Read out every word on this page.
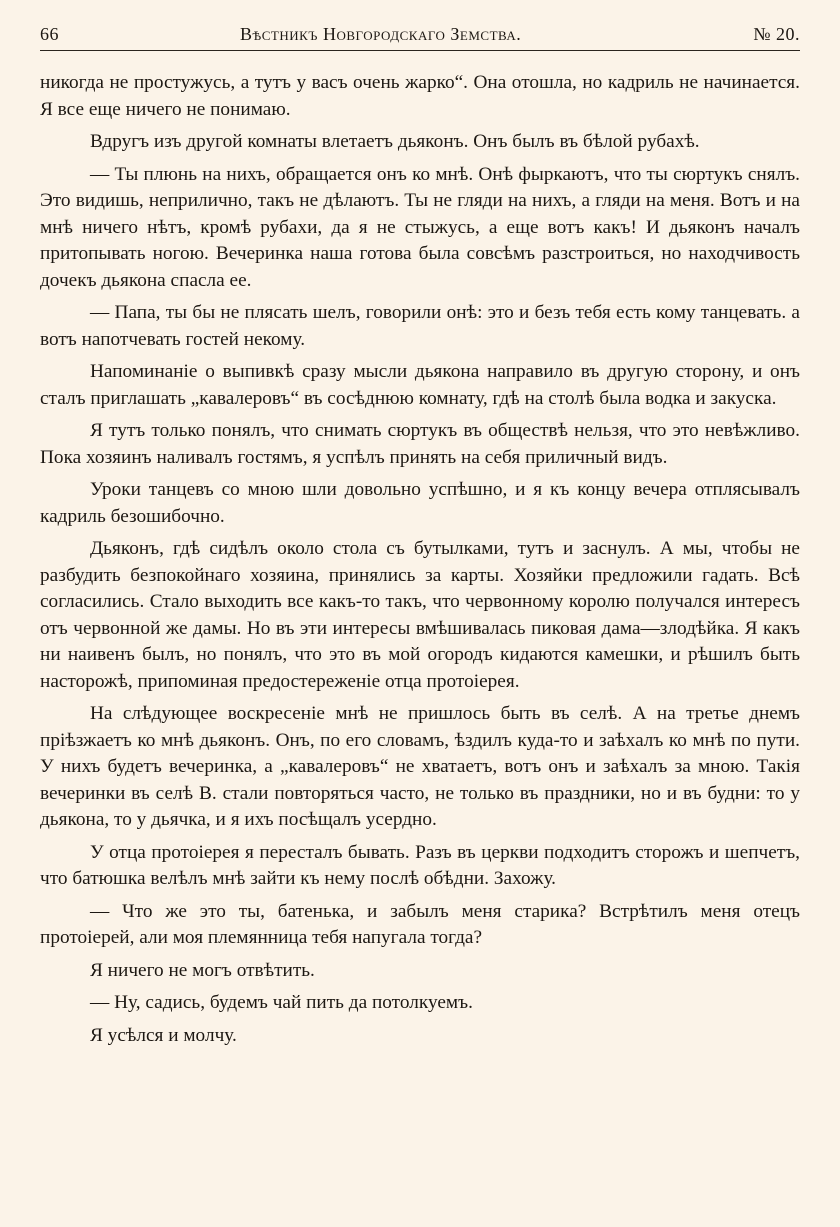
66	Вѣстникъ Новгородскаго Земства.	№ 20.

никогда не простужусь, а тутъ у васъ очень жарко“. Она отошла, но кадриль не начинается. Я все еще ничего не понимаю.

Вдругъ изъ другой комнаты влетаетъ дьяконъ. Онъ былъ въ бѣлой рубахѣ.

— Ты плюнь на нихъ, обращается онъ ко мнѣ. Онѣ фыркаютъ, что ты сюртукъ снялъ. Это видишь, неприлично, такъ не дѣлаютъ. Ты не гляди на нихъ, а гляди на меня. Вотъ и на мнѣ ничего нѣтъ, кромѣ рубахи, да я не стыжусь, а еще вотъ какъ! И дьяконъ началъ притопывать ногою. Вечеринка наша готова была совсѣмъ разстроиться, но находчивость дочекъ дьякона спасла ее.

— Папа, ты бы не плясать шелъ, говорили онѣ: это и безъ тебя есть кому танцевать. а вотъ напотчевать гостей некому.

Напоминаніе о выпивкѣ сразу мысли дьякона направило въ другую сторону, и онъ сталъ приглашать „кавалеровъ“ въ сосѣднюю комнату, гдѣ на столѣ была водка и закуска.

Я тутъ только понялъ, что снимать сюртукъ въ обществѣ нельзя, что это невѣжливо. Пока хозяинъ наливалъ гостямъ, я успѣлъ принять на себя приличный видъ.

Уроки танцевъ со мною шли довольно успѣшно, и я къ концу вечера отплясывалъ кадриль безошибочно.

Дьяконъ, гдѣ сидѣлъ около стола съ бутылками, тутъ и заснулъ. А мы, чтобы не разбудить безпокойнаго хозяина, принялись за карты. Хозяйки предложили гадать. Всѣ согласились. Стало выходить все какъ-то такъ, что червонному королю получался интересъ отъ червонной же дамы. Но въ эти интересы вмѣшивалась пиковая дама—злодѣйка. Я какъ ни наивенъ былъ, но понялъ, что это въ мой огородъ кидаются камешки, и рѣшилъ быть насторожѣ, припоминая предостереженіе отца протоіерея.

На слѣдующее воскресеніе мнѣ не пришлось быть въ селѣ. А на третье днемъ пріѣзжаетъ ко мнѣ дьяконъ. Онъ, по его словамъ, ѣздилъ куда-то и заѣхалъ ко мнѣ по пути. У нихъ будетъ вечеринка, а „кавалеровъ“ не хватаетъ, вотъ онъ и заѣхалъ за мною. Такія вечеринки въ селѣ В. стали повторяться часто, не только въ праздники, но и въ будни: то у дьякона, то у дьячка, и я ихъ посѣщалъ усердно.

У отца протоіерея я пересталъ бывать. Разъ въ церкви подходитъ сторожъ и шепчетъ, что батюшка велѣлъ мнѣ зайти къ нему послѣ обѣдни. Захожу.

— Что же это ты, батенька, и забылъ меня старика? Встрѣтилъ меня отецъ протоіерей, али моя племянница тебя напугала тогда?

Я ничего не могъ отвѣтить.

— Ну, садись, будемъ чай пить да потолкуемъ.

Я усѣлся и молчу.
